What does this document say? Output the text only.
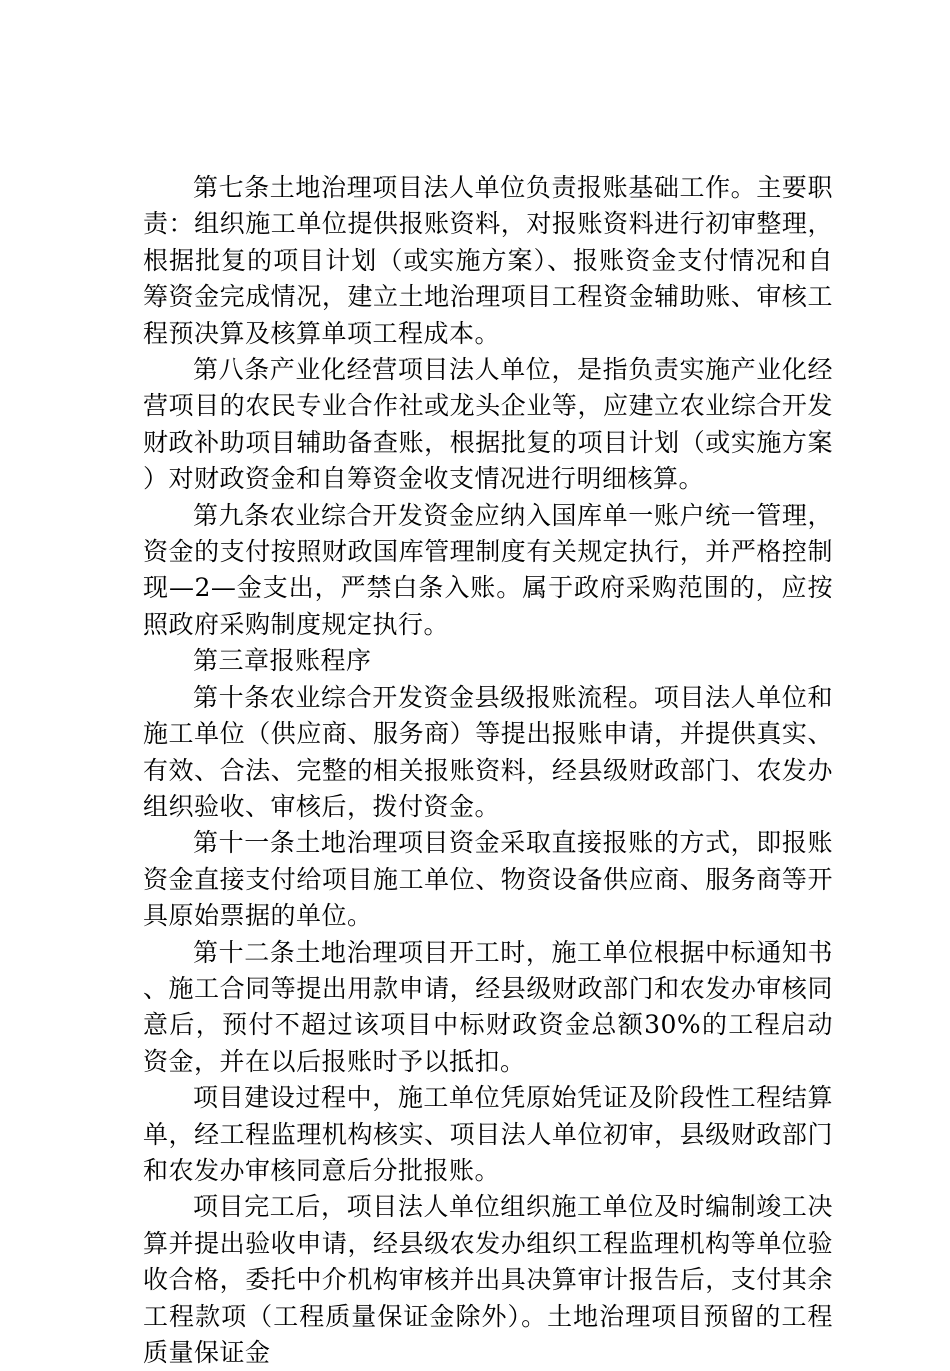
第七条土地治理项目法人单位负责报账基础工作。主要职责：组织施工单位提供报账资料，对报账资料进行初审整理，根据批复的项目计划（或实施方案）、报账资金支付情况和自筹资金完成情况，建立土地治理项目工程资金辅助账、审核工程预决算及核算单项工程成本。

第八条产业化经营项目法人单位，是指负责实施产业化经营项目的农民专业合作社或龙头企业等，应建立农业综合开发财政补助项目辅助备查账，根据批复的项目计划（或实施方案）对财政资金和自筹资金收支情况进行明细核算。

第九条农业综合开发资金应纳入国库单一账户统一管理，资金的支付按照财政国库管理制度有关规定执行，并严格控制现—2—金支出，严禁白条入账。属于政府采购范围的，应按照政府采购制度规定执行。

第三章报账程序

第十条农业综合开发资金县级报账流程。项目法人单位和施工单位（供应商、服务商）等提出报账申请，并提供真实、有效、合法、完整的相关报账资料，经县级财政部门、农发办组织验收、审核后，拨付资金。

第十一条土地治理项目资金采取直接报账的方式，即报账资金直接支付给项目施工单位、物资设备供应商、服务商等开具原始票据的单位。

第十二条土地治理项目开工时，施工单位根据中标通知书、施工合同等提出用款申请，经县级财政部门和农发办审核同意后，预付不超过该项目中标财政资金总额30%的工程启动资金，并在以后报账时予以抵扣。

项目建设过程中，施工单位凭原始凭证及阶段性工程结算单，经工程监理机构核实、项目法人单位初审，县级财政部门和农发办审核同意后分批报账。

项目完工后，项目法人单位组织施工单位及时编制竣工决算并提出验收申请，经县级农发办组织工程监理机构等单位验收合格，委托中介机构审核并出具决算审计报告后，支付其余工程款项（工程质量保证金除外）。土地治理项目预留的工程质量保证金
